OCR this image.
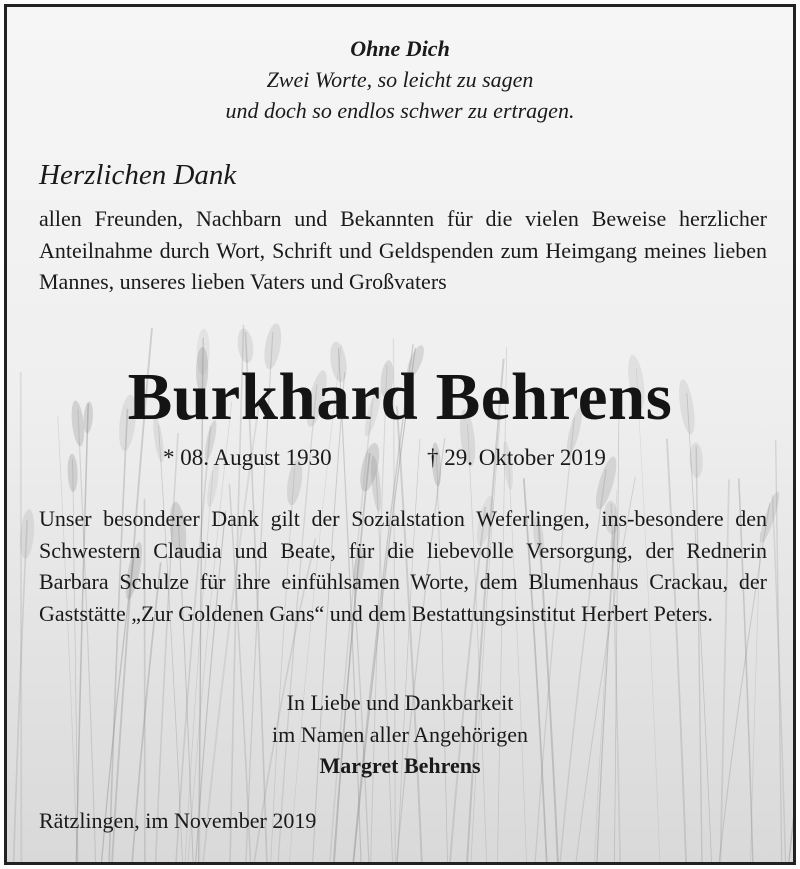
Ohne Dich
Zwei Worte, so leicht zu sagen
und doch so endlos schwer zu ertragen.
Herzlichen Dank
allen Freunden, Nachbarn und Bekannten für die vielen Beweise herzlicher Anteilnahme durch Wort, Schrift und Geldspenden zum Heimgang meines lieben Mannes, unseres lieben Vaters und Großvaters
Burkhard Behrens
* 08. August 1930	† 29. Oktober 2019
Unser besonderer Dank gilt der Sozialstation Weferlingen, ins-besondere den Schwestern Claudia und Beate, für die liebevolle Versorgung, der Rednerin Barbara Schulze für ihre einfühlsamen Worte, dem Blumenhaus Crackau, der Gaststätte „Zur Goldenen Gans“ und dem Bestattungsinstitut Herbert Peters.
In Liebe und Dankbarkeit
im Namen aller Angehörigen
Margret Behrens
Rätzlingen, im November 2019
